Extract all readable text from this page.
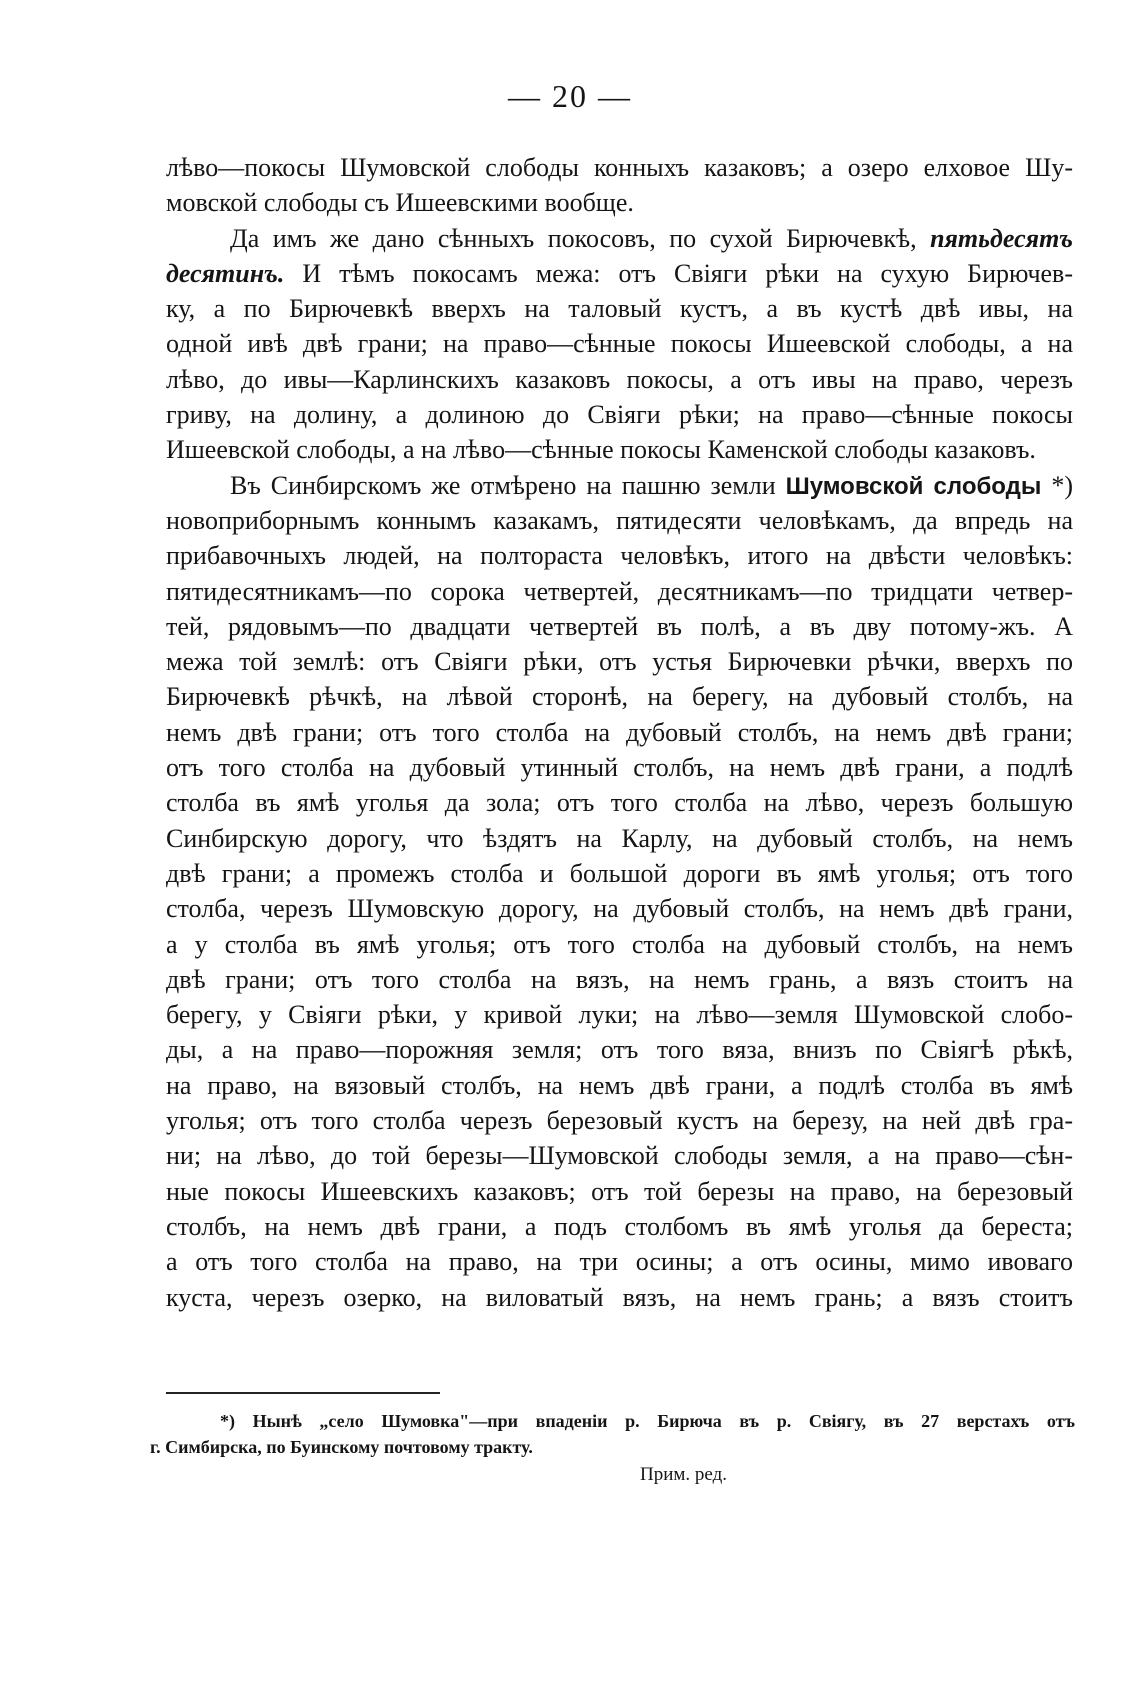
— 20 —
лѣво—покосы Шумовской слободы конныхъ казаковъ; а озеро елховое Шу-
мовской слободы съ Ишеевскими вообще.
Да имъ же дано сѣнныхъ покосовъ, по сухой Бирючевкѣ, пятьдесятъ
десятинъ. И тѣмъ покосамъ межа: отъ Свіяги рѣки на сухую Бирючев-
ку, а по Бирючевкѣ вверхъ на таловый кустъ, а въ кустѣ двѣ ивы, на
одной ивѣ двѣ грани; на право—сѣнные покосы Ишеевской слободы, а на
лѣво, до ивы—Карлинскихъ казаковъ покосы, а отъ ивы на право, черезъ
гриву, на долину, а долиною до Свіяги рѣки; на право—сѣнные покосы
Ишеевской слободы, а на лѣво—сѣнные покосы Каменской слободы казаковъ.
Въ Синбирскомъ же отмѣрено на пашню земли Шумовской слободы *)
новоприборнымъ коннымъ казакамъ, пятидесяти человѣкамъ, да впредь на
прибавочныхъ людей, на полтораста человѣкъ, итого на двѣсти человѣкъ:
пятидесятникамъ—по сорока четвертей, десятникамъ—по тридцати четвер-
тей, рядовымъ—по двадцати четвертей въ полѣ, а въ дву потому-жъ. А
межа той землѣ: отъ Свіяги рѣки, отъ устья Бирючевки рѣчки, вверхъ по
Бирючевкѣ рѣчкѣ, на лѣвой сторонѣ, на берегу, на дубовый столбъ, на
немъ двѣ грани; отъ того столба на дубовый столбъ, на немъ двѣ грани;
отъ того столба на дубовый утинный столбъ, на немъ двѣ грани, а подлѣ
столба въ ямѣ уголья да зола; отъ того столба на лѣво, черезъ большую
Синбирскую дорогу, что ѣздятъ на Карлу, на дубовый столбъ, на немъ
двѣ грани; а промежъ столба и большой дороги въ ямѣ уголья; отъ того
столба, черезъ Шумовскую дорогу, на дубовый столбъ, на немъ двѣ грани,
а у столба въ ямѣ уголья; отъ того столба на дубовый столбъ, на немъ
двѣ грани; отъ того столба на вязъ, на немъ грань, а вязъ стоитъ на
берегу, у Свіяги рѣки, у кривой луки; на лѣво—земля Шумовской слобо-
ды, а на право—порожняя земля; отъ того вяза, внизъ по Свіягѣ рѣкѣ,
на право, на вязовый столбъ, на немъ двѣ грани, а подлѣ столба въ ямѣ
уголья; отъ того столба черезъ березовый кустъ на березу, на ней двѣ гра-
ни; на лѣво, до той березы—Шумовской слободы земля, а на право—сѣн-
ные покосы Ишеевскихъ казаковъ; отъ той березы на право, на березовый
столбъ, на немъ двѣ грани, а подъ столбомъ въ ямѣ уголья да береста;
а отъ того столба на право, на три осины; а отъ осины, мимо ивоваго
куста, черезъ озерко, на виловатый вязъ, на немъ грань; а вязъ стоитъ
*) Нынѣ „село Шумовка"—при впаденіи р. Бирюча въ р. Свіягу, въ 27 верстахъ отъ
г. Симбирска, по Буинскому почтовому тракту.
Прим. ред.
